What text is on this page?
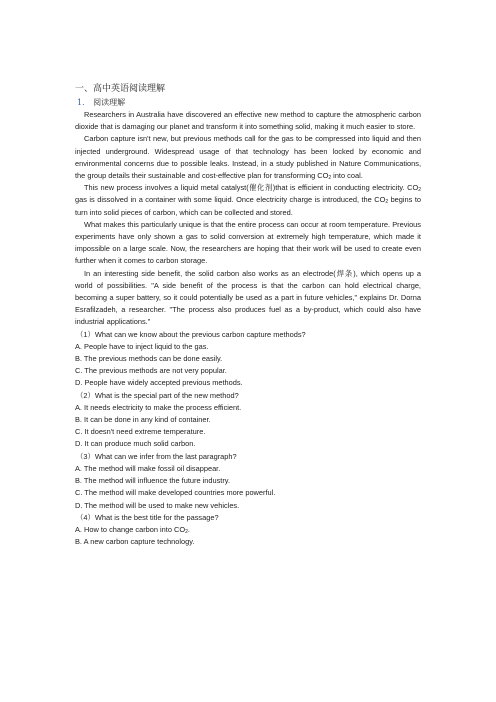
一、高中英语阅读理解
1． 阅读理解

Researchers in Australia have discovered an effective new method to capture the atmospheric carbon dioxide that is damaging our planet and transform it into something solid, making it much easier to store.

Carbon capture isn't new, but previous methods call for the gas to be compressed into liquid and then injected underground. Widespread usage of that technology has been locked by economic and environmental concerns due to possible leaks. Instead, in a study published in Nature Communications, the group details their sustainable and cost-effective plan for transforming $CO_2$ into coal.

This new process involves a liquid metal catalyst(催化剂)that is efficient in conducting electricity. $CO_2$ gas is dissolved in a container with some liquid. Once electricity charge is introduced, the $CO_2$ begins to turn into solid pieces of carbon, which can be collected and stored.

What makes this particularly unique is that the entire process can occur at room temperature. Previous experiments have only shown a gas to solid conversion at extremely high temperature, which made it impossible on a large scale. Now, the researchers are hoping that their work will be used to create even further when it comes to carbon storage.

In an interesting side benefit, the solid carbon also works as an electrode(焊条), which opens up a world of possibilities. "A side benefit of the process is that the carbon can hold electrical charge, becoming a super battery, so it could potentially be used as a part in future vehicles," explains Dr. Dorna Esrafilzadeh, a researcher. "The process also produces fuel as a by-product, which could also have industrial applications."

（1）What can we know about the previous carbon capture methods?
A. People have to inject liquid to the gas.
B. The previous methods can be done easily.
C. The previous methods are not very popular.
D. People have widely accepted previous methods.
（2）What is the special part of the new method?
A. It needs electricity to make the process efficient.
B. It can be done in any kind of container.
C. It doesn't need extreme temperature.
D. It can produce much solid carbon.
（3）What can we infer from the last paragraph?
A. The method will make fossil oil disappear.
B. The method will influence the future industry.
C. The method will make developed countries more powerful.
D. The method will be used to make new vehicles.
（4）What is the best title for the passage?
A. How to change carbon into $CO_2$.
B. A new carbon capture technology.
